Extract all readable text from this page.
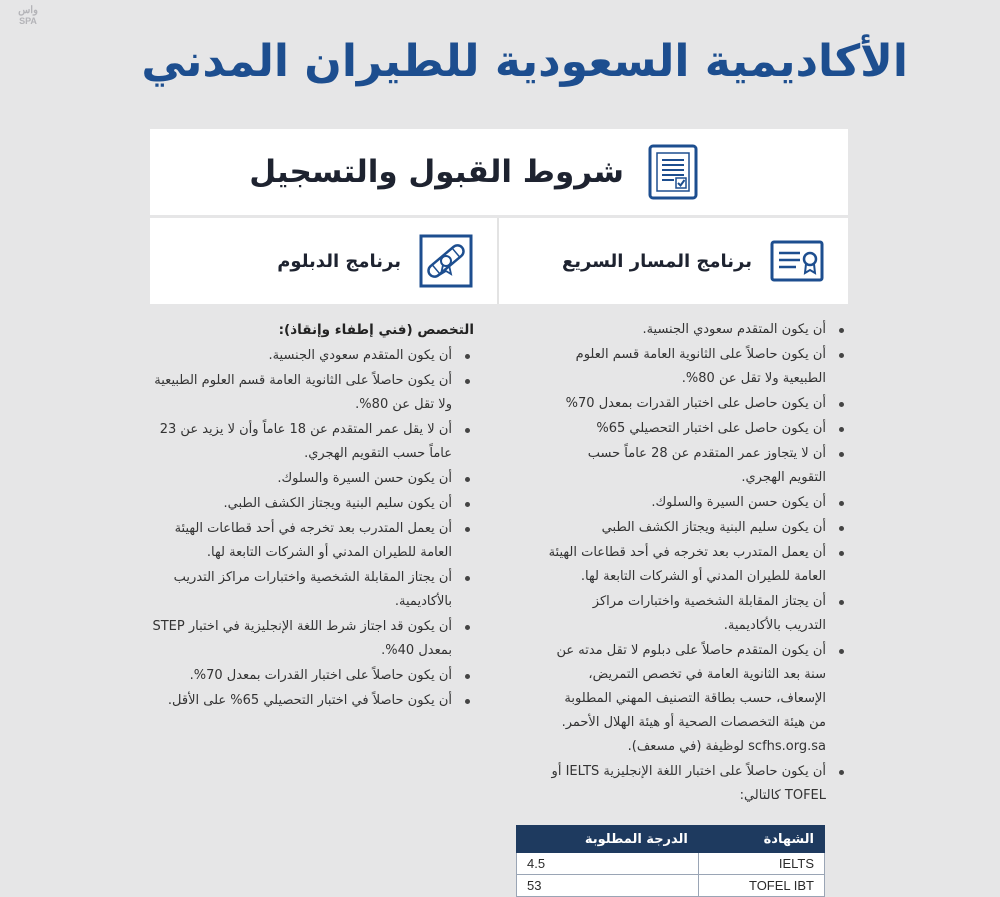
واس
SPA
الأكاديمية السعودية للطيران المدني
شروط القبول والتسجيل
برنامج الدبلوم	برنامج المسار السريع
أن يكون المتقدم سعودي الجنسية.
أن يكون حاصلاً على الثانوية العامة قسم العلوم الطبيعية ولا تقل عن 80%.
أن يكون حاصل على اختبار القدرات بمعدل 70%
أن يكون حاصل على اختبار التحصيلي 65%
أن لا يتجاوز عمر المتقدم عن 28 عاماً حسب التقويم الهجري.
أن يكون حسن السيرة والسلوك.
أن يكون سليم البنية ويجتاز الكشف الطبي
أن يعمل المتدرب بعد تخرجه في أحد قطاعات الهيئة العامة للطيران المدني أو الشركات التابعة لها.
أن يجتاز المقابلة الشخصية واختبارات مراكز التدريب بالأكاديمية.
أن يكون المتقدم حاصلاً على دبلوم لا تقل مدته عن سنة بعد الثانوية العامة في تخصص التمريض، الإسعاف، حسب بطاقة التصنيف المهني المطلوبة من هيئة التخصصات الصحية أو هيئة الهلال الأحمر. scfhs.org.sa لوظيفة (في مسعف).
أن يكون حاصلاً على اختبار اللغة الإنجليزية IELTS أو TOFEL كالتالي:
التخصص (فني إطفاء وإنقاذ):
أن يكون المتقدم سعودي الجنسية.
أن يكون حاصلاً على الثانوية العامة قسم العلوم الطبيعية ولا تقل عن 80%.
أن لا يقل عمر المتقدم عن 18 عاماً وأن لا يزيد عن 23 عاماً حسب التقويم الهجري.
أن يكون حسن السيرة والسلوك.
أن يكون سليم البنية ويجتاز الكشف الطبي.
أن يعمل المتدرب بعد تخرجه في أحد قطاعات الهيئة العامة للطيران المدني أو الشركات التابعة لها.
أن يجتاز المقابلة الشخصية واختبارات مراكز التدريب بالأكاديمية.
أن يكون قد اجتاز شرط اللغة الإنجليزية في اختبار STEP بمعدل 40%.
أن يكون حاصلاً على اختبار القدرات بمعدل 70%.
أن يكون حاصلاً في اختبار التحصيلي 65% على الأقل.
الشهادة	الدرجة المطلوبة
IELTS	4.5
TOFEL IBT	53
